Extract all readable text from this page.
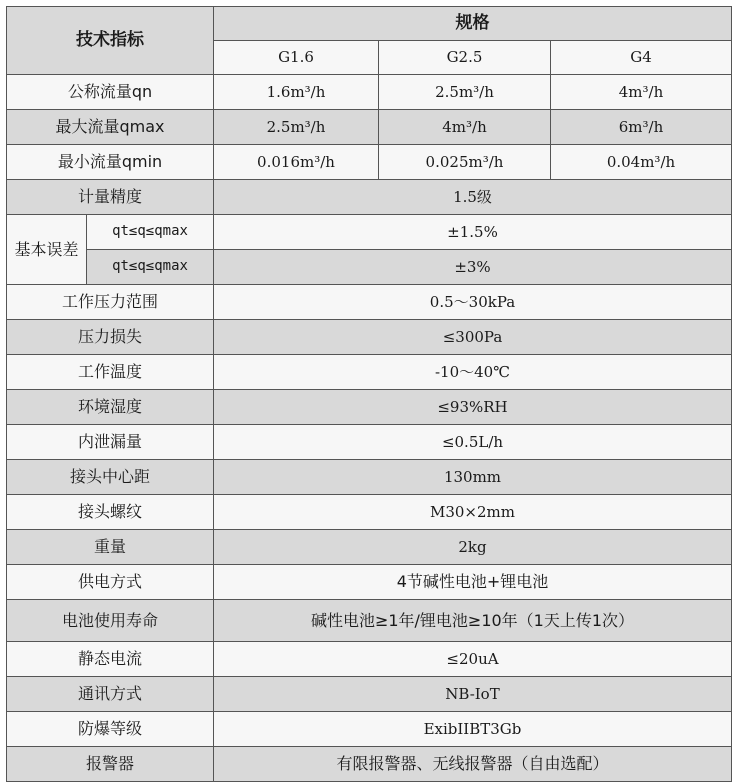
技术指标		规格		
		G1.6	G2.5	G4
公称流量qn		1.6m³/h	2.5m³/h	4m³/h
最大流量qmax		2.5m³/h	4m³/h	6m³/h
最小流量qmin		0.016m³/h	0.025m³/h	0.04m³/h
计量精度		1.5级		
基本误差	qt≤q≤qmax	±1.5%		
	qt≤q≤qmax	±3%		
工作压力范围		0.5～30kPa		
压力损失		≤300Pa		
工作温度		-10～40℃		
环境湿度		≤93%RH		
内泄漏量		≤0.5L/h		
接头中心距		130mm		
接头螺纹		M30×2mm		
重量		2kg		
供电方式		4节碱性电池+锂电池		
电池使用寿命		碱性电池≥1年/锂电池≥10年（1天上传1次）		
静态电流		≤20uA		
通讯方式		NB-IoT		
防爆等级		ExibIIBT3Gb		
报警器		有限报警器、无线报警器（自由选配）		
